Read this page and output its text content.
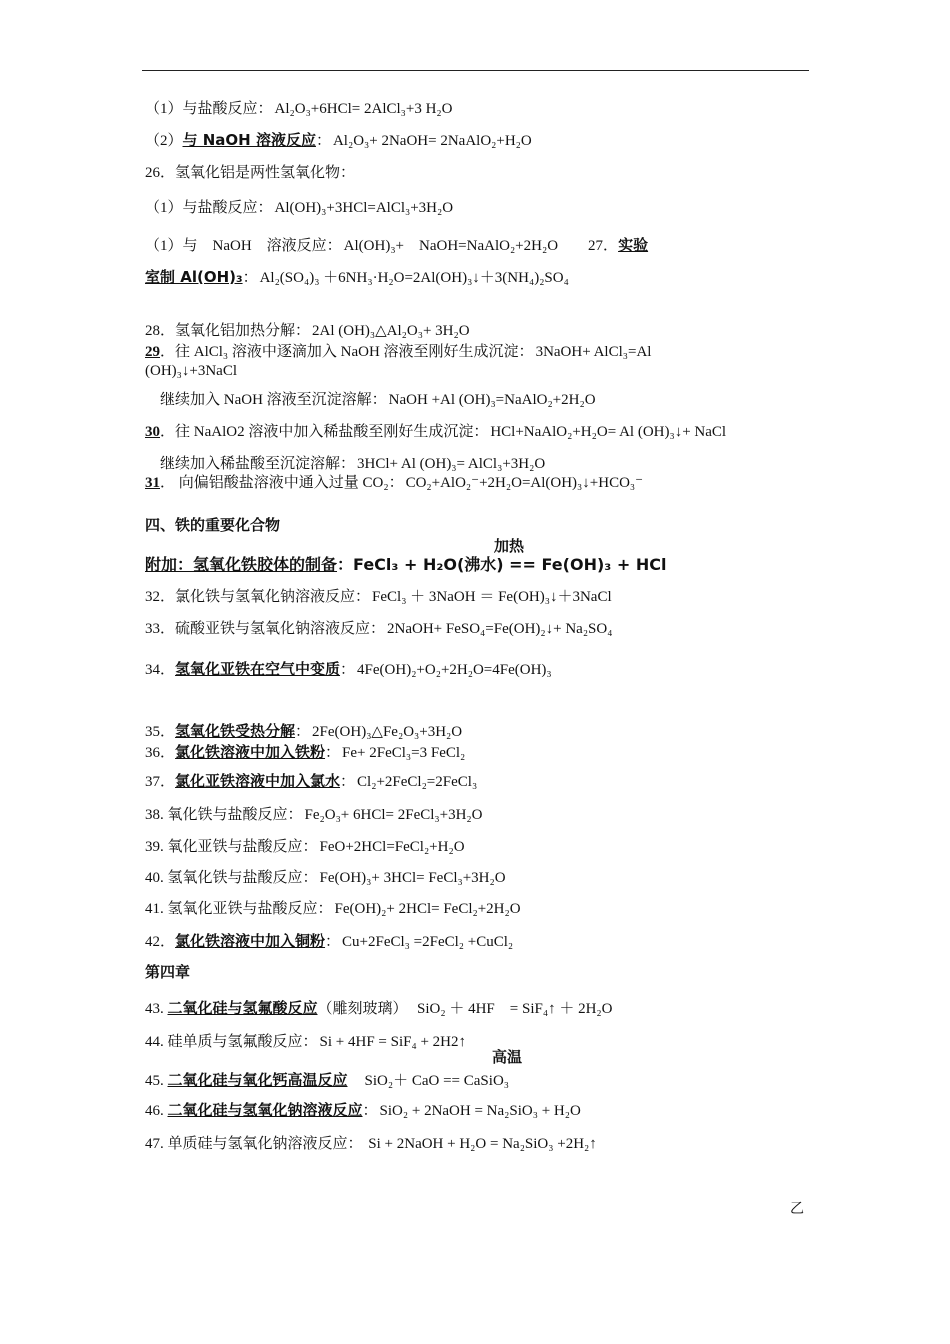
（1）与盐酸反应： Al₂O₃+6HCl= 2AlCl₃+3 H₂O
（2）与 NaOH 溶液反应： Al₂O₃+ 2NaOH= 2NaAlO₂+H₂O
26．氢氧化铝是两性氢氧化物：
（1）与盐酸反应： Al(OH)₃+3HCl=AlCl₃+3H₂O
（1）与　NaOH　溶液反应： Al(OH)₃+　NaOH=NaAlO₂+2H₂O 27．实验
室制 Al(OH)₃： Al₂(SO₄)₃ ＋6NH₃·H₂O=2Al(OH)₃↓＋3(NH₄)₂SO₄
28．氢氧化铝加热分解： 2Al (OH)₃△Al₂O₃+ 3H₂O
29．往 AlCl₃ 溶液中逐滴加入 NaOH 溶液至刚好生成沉淀： 3NaOH+ AlCl₃=Al
(OH)₃↓+3NaCl
　继续加入 NaOH 溶液至沉淀溶解： NaOH +Al (OH)₃=NaAlO₂+2H₂O
30．往 NaAlO2 溶液中加入稀盐酸至刚好生成沉淀： HCl+NaAlO₂+H₂O= Al (OH)₃↓+ NaCl
　继续加入稀盐酸至沉淀溶解： 3HCl+ Al (OH)₃= AlCl₃+3H₂O
31． 向偏铝酸盐溶液中通入过量 CO₂： CO₂+AlO₂⁻+2H₂O=Al(OH)₃↓+HCO₃⁻
四、铁的重要化合物
加热
附加：氢氧化铁胶体的制备：FeCl₃ + H₂O(沸水) == Fe(OH)₃ + HCl
32．氯化铁与氢氧化钠溶液反应： FeCl₃ ＋ 3NaOH ＝ Fe(OH)₃↓＋3NaCl
33．硫酸亚铁与氢氧化钠溶液反应： 2NaOH+ FeSO₄=Fe(OH)₂↓+ Na₂SO₄
34．氢氧化亚铁在空气中变质： 4Fe(OH)₂+O₂+2H₂O=4Fe(OH)₃
35．氢氧化铁受热分解： 2Fe(OH)₃△Fe₂O₃+3H₂O
36．氯化铁溶液中加入铁粉： Fe+ 2FeCl₃=3 FeCl₂
37．氯化亚铁溶液中加入氯水： Cl₂+2FeCl₂=2FeCl₃
38. 氧化铁与盐酸反应： Fe₂O₃+ 6HCl= 2FeCl₃+3H₂O
39. 氧化亚铁与盐酸反应： FeO+2HCl=FeCl₂+H₂O
40. 氢氧化铁与盐酸反应： Fe(OH)₃+ 3HCl= FeCl₃+3H₂O
41. 氢氧化亚铁与盐酸反应： Fe(OH)₂+ 2HCl= FeCl₂+2H₂O
42．氯化铁溶液中加入铜粉： Cu+2FeCl₃ =2FeCl₂ +CuCl₂
第四章
43. 二氧化硅与氢氟酸反应（雕刻玻璃）　SiO₂ ＋ 4HF　= SiF₄↑ ＋ 2H₂O
44. 硅单质与氢氟酸反应： Si + 4HF = SiF₄ + 2H2↑
高温
45. 二氧化硅与氧化钙高温反应　 SiO₂＋ CaO == CaSiO₃
46. 二氧化硅与氢氧化钠溶液反应： SiO₂ + 2NaOH = Na₂SiO₃ + H₂O
47. 单质硅与氢氧化钠溶液反应： Si + 2NaOH + H₂O = Na₂SiO₃ +2H₂↑
乙
